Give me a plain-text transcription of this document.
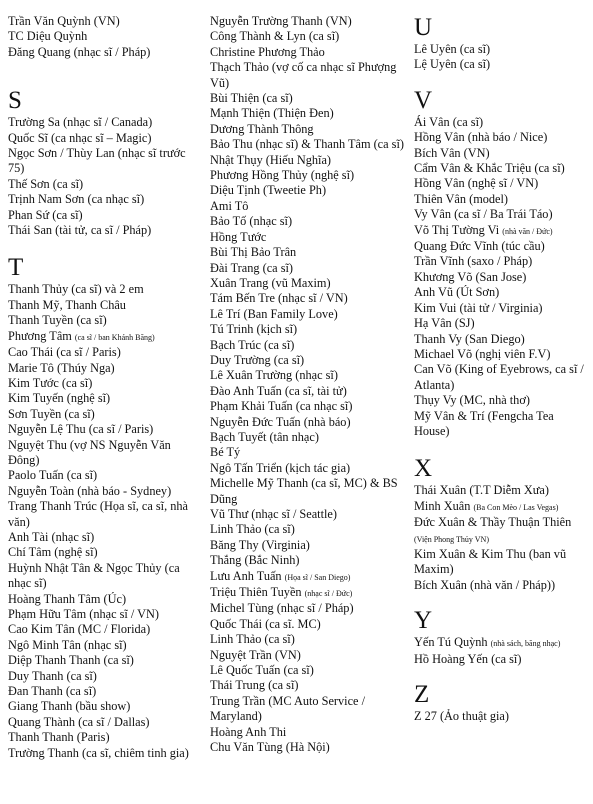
Trần Văn Quỳnh (VN)
TC Diệu Quỳnh
Đăng Quang (nhạc sĩ / Pháp)
S
Trường Sa (nhạc sĩ / Canada)
Quốc Sĩ (ca nhạc sĩ – Magic)
Ngọc Sơn / Thùy Lan (nhạc sĩ trước 75)
Thế Sơn (ca sĩ)
Trịnh Nam Sơn (ca nhạc sĩ)
Phan Sứ (ca sĩ)
Thái San (tài tử, ca sĩ / Pháp)
T
Thanh Thủy (ca sĩ) và 2 em
Thanh Mỹ, Thanh Châu
Thanh Tuyền (ca sĩ)
Phương Tâm (ca sĩ / ban Khánh Băng)
Cao Thái (ca sĩ / Paris)
Marie Tô (Thúy Nga)
Kim Tước (ca sĩ)
Kim Tuyến (nghệ sĩ)
Sơn Tuyền (ca sĩ)
Nguyễn Lệ Thu (ca sĩ / Paris)
Nguyệt Thu (vợ NS Nguyễn Văn Đông)
Paolo Tuấn (ca sĩ)
Nguyễn Toàn (nhà báo - Sydney)
Trang Thanh Trúc (Họa sĩ, ca sĩ, nhà văn)
Anh Tài (nhạc sĩ)
Chí Tâm (nghệ sĩ)
Huỳnh Nhật Tân & Ngọc Thủy (ca nhạc sĩ)
Hoàng Thanh Tâm (Úc)
Phạm Hữu Tâm (nhạc sĩ / VN)
Cao Kim Tân (MC / Florida)
Ngô Minh Tân (nhạc sĩ)
Diệp Thanh Thanh (ca sĩ)
Duy Thanh (ca sĩ)
Đan Thanh (ca sĩ)
Giang Thanh (bầu show)
Quang Thành (ca sĩ / Dallas)
Thanh Thanh (Paris)
Trường Thanh (ca sĩ, chiêm tinh gia)
Nguyễn Trường Thanh (VN)
Công Thành & Lyn (ca sĩ)
Christine Phương Thảo
Thạch Thảo (vợ cố ca nhạc sĩ Phượng Vũ)
Bùi Thiện (ca sĩ)
Mạnh Thiện (Thiện Đen)
Dương Thành Thông
Bảo Thu (nhạc sĩ) & Thanh Tâm (ca sĩ)
Nhật Thụy (Hiếu Nghĩa)
Phương Hồng Thủy (nghệ sĩ)
Diệu Tịnh (Tweetie Ph)
Ami Tô
Bảo Tố (nhạc sĩ)
Hồng Tước
Bùi Thị Bảo Trân
Đài Trang (ca sĩ)
Xuân Trang (vũ Maxim)
Tám Bến Tre (nhạc sĩ / VN)
Lê Trí (Ban Family Love)
Tú Trinh (kịch sĩ)
Bạch Trúc (ca sĩ)
Duy Trường (ca sĩ)
Lê Xuân Trường (nhạc sĩ)
Đào Anh Tuấn (ca sĩ, tài tử)
Phạm Khải Tuấn (ca nhạc sĩ)
Nguyễn Đức Tuấn (nhà báo)
Bạch Tuyết (tân nhạc)
Bé Tý
Ngô Tấn Triển (kịch tác gia)
Michelle Mỹ Thanh (ca sĩ, MC) & BS Dũng
Vũ Thư (nhạc sĩ / Seattle)
Linh Thảo (ca sĩ)
Băng Thy (Virginia)
Thắng (Bắc Ninh)
Lưu Anh Tuấn (Họa sĩ / San Diego)
Triệu Thiên Tuyền (nhạc sĩ / Đức)
Michel Tùng (nhạc sĩ / Pháp)
Quốc Thái (ca sĩ. MC)
Linh Thảo (ca sĩ)
Nguyệt Trần (VN)
Lê Quốc Tuấn (ca sĩ)
Thái Trung (ca sĩ)
Trung Trần (MC Auto Service / Maryland)
Hoàng Anh Thi
Chu Văn Tùng (Hà Nội)
U
Lê Uyên (ca sĩ)
Lệ Uyên (ca sĩ)
V
Ái Vân (ca sĩ)
Hồng Vân (nhà báo / Nice)
Bích Vân (VN)
Cẩm Vân & Khắc Triệu (ca sĩ)
Hồng Vân (nghệ sĩ / VN)
Thiên Vân (model)
Vy Vân (ca sĩ / Ba Trái Táo)
Võ Thị Tường Vi (nhà văn / Đức)
Quang Đức Vĩnh (túc cầu)
Trần Vĩnh (saxo / Pháp)
Khương Võ (San Jose)
Anh Vũ (Út Sơn)
Kim Vui (tài tử / Virginia)
Hạ Vân (SJ)
Thanh Vy (San Diego)
Michael Võ (nghị viên F.V)
Can Võ (King of Eyebrows, ca sĩ / Atlanta)
Thụy Vy (MC, nhà thơ)
Mỹ Vân & Trí (Fengcha Tea House)
X
Thái Xuân (T.T Diễm Xưa)
Minh Xuân (Ba Con Mèo / Las Vegas)
Đức Xuân & Thầy Thuận Thiên (Viện Phong Thủy VN)
Kim Xuân & Kim Thu (ban vũ Maxim)
Bích Xuân (nhà văn / Pháp))
Y
Yến Tú Quỳnh (nhà sách, băng nhạc)
Hồ Hoàng Yến (ca sĩ)
Z
Z 27 (Ảo thuật gia)
